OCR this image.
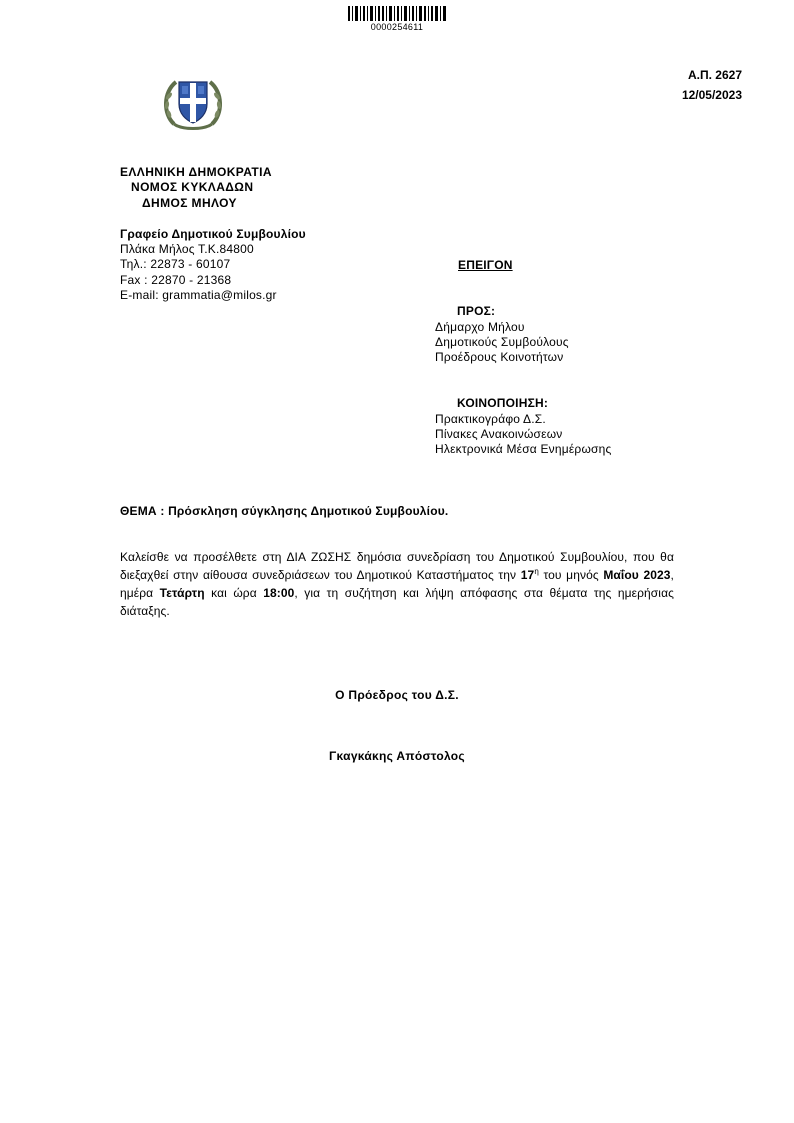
0000254611
Α.Π. 2627
12/05/2023
ΕΛΛΗΝΙΚΗ ΔΗΜΟΚΡΑΤΙΑ
ΝΟΜΟΣ ΚΥΚΛΑΔΩΝ
ΔΗΜΟΣ ΜΗΛΟΥ
Γραφείο Δημοτικού Συμβουλίου
Πλάκα Μήλος Τ.Κ.84800
Τηλ.: 22873 - 60107
Fax : 22870 - 21368
E-mail: grammatia@milos.gr
ΕΠΕΙΓΟΝ
ΠΡΟΣ:
Δήμαρχο Μήλου
Δημοτικούς Συμβούλους
Προέδρους Κοινοτήτων
ΚΟΙΝΟΠΟΙΗΣΗ:
Πρακτικογράφο Δ.Σ.
Πίνακες Ανακοινώσεων
Ηλεκτρονικά Μέσα Ενημέρωσης
ΘΕΜΑ : Πρόσκληση σύγκλησης Δημοτικού Συμβουλίου.
Καλείσθε να προσέλθετε στη ΔΙΑ ΖΩΣΗΣ δημόσια συνεδρίαση του Δημοτικού Συμβουλίου, που θα διεξαχθεί στην αίθουσα συνεδριάσεων του Δημοτικού Καταστήματος την $17^\eta$ του μηνός Μαΐου 2023, ημέρα Τετάρτη και ώρα 18:00, για τη συζήτηση και λήψη απόφασης στα θέματα της ημερήσιας διάταξης.
Ο Πρόεδρος του Δ.Σ.
Γκαγκάκης Απόστολος
